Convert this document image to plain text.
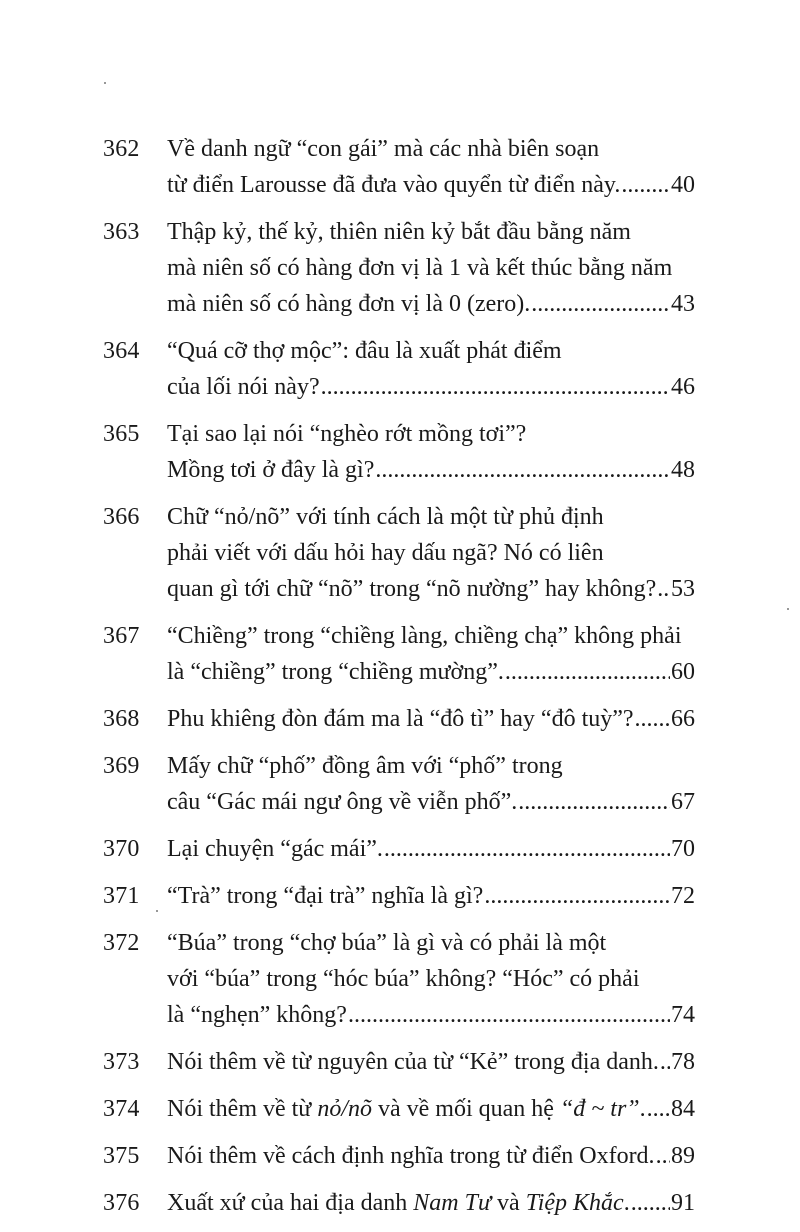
362 Về danh ngữ “con gái” mà các nhà biên soạn
từ điển Larousse đã đưa vào quyển từ điển này. ..... 40
363 Thập kỷ, thế kỷ, thiên niên kỷ bắt đầu bằng năm
mà niên số có hàng đơn vị là 1 và kết thúc bằng năm
mà niên số có hàng đơn vị là 0 (zero). .....	43
364 “Quá cỡ thợ mộc”: đâu là xuất phát điểm
của lối nói này? .....	46
365 Tại sao lại nói “nghèo rớt mồng tơi”?
Mồng tơi ở đây là gì? .....	48
366 Chữ “nỏ/nõ” với tính cách là một từ phủ định
phải viết với dấu hỏi hay dấu ngã? Nó có liên
quan gì tới chữ “nõ” trong “nõ nường” hay không? ..... 53
367 “Chiềng” trong “chiềng làng, chiềng chạ” không phải
là “chiềng” trong “chiềng mường”. .....	60
368 Phu khiêng đòn đám ma là “đô tì” hay “đô tuỳ”? ..... 66
369 Mấy chữ “phố” đồng âm với “phố” trong
câu “Gác mái ngư ông về viễn phố”. .....	67
370 Lại chuyện “gác mái”. .....	70
371 “Trà” trong “đại trà” nghĩa là gì? .....	72
372 “Búa” trong “chợ búa” là gì và có phải là một
với “búa” trong “hóc búa” không? “Hóc” có phải
là “nghẹn” không? .....	74
373 Nói thêm về từ nguyên của từ “Kẻ” trong địa danh. ..... 78
374 Nói thêm về từ nỏ/nõ và về mối quan hệ “đ ~ tr”. ..... 84
375 Nói thêm về cách định nghĩa trong từ điển Oxford. ..... 89
376 Xuất xứ của hai địa danh Nam Tư và Tiệp Khắc. ..... 91
